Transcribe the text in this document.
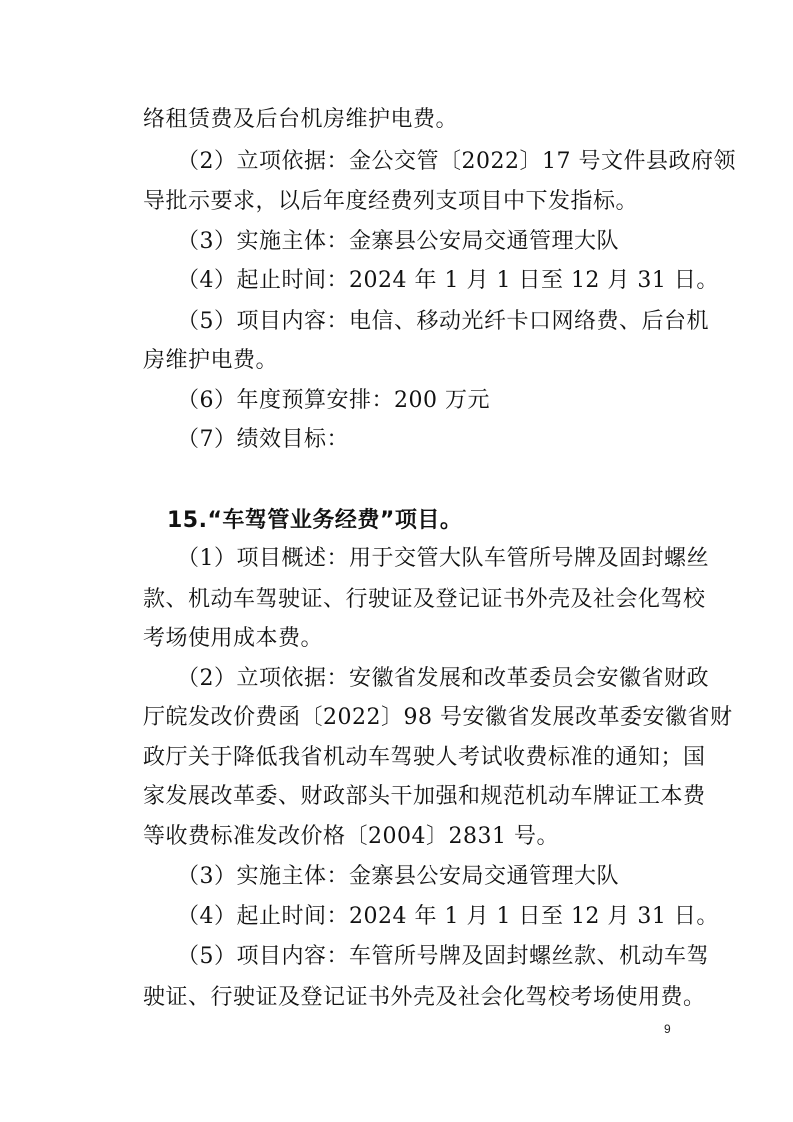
络租赁费及后台机房维护电费。
（2）立项依据：金公交管〔2022〕17 号文件县政府领
导批示要求，以后年度经费列支项目中下发指标。
（3）实施主体：金寨县公安局交通管理大队
（4）起止时间：2024 年 1 月 1 日至 12 月 31 日。
（5）项目内容：电信、移动光纤卡口网络费、后台机
房维护电费。
（6）年度预算安排：200 万元
（7）绩效目标：
15.“车驾管业务经费”项目。
（1）项目概述：用于交管大队车管所号牌及固封螺丝
款、机动车驾驶证、行驶证及登记证书外壳及社会化驾校
考场使用成本费。
（2）立项依据：安徽省发展和改革委员会安徽省财政
厅皖发改价费函〔2022〕98 号安徽省发展改革委安徽省财
政厅关于降低我省机动车驾驶人考试收费标准的通知；国
家发展改革委、财政部头干加强和规范机动车牌证工本费
等收费标准发改价格〔2004〕2831 号。
（3）实施主体：金寨县公安局交通管理大队
（4）起止时间：2024 年 1 月 1 日至 12 月 31 日。
（5）项目内容：车管所号牌及固封螺丝款、机动车驾
驶证、行驶证及登记证书外壳及社会化驾校考场使用费。
9
